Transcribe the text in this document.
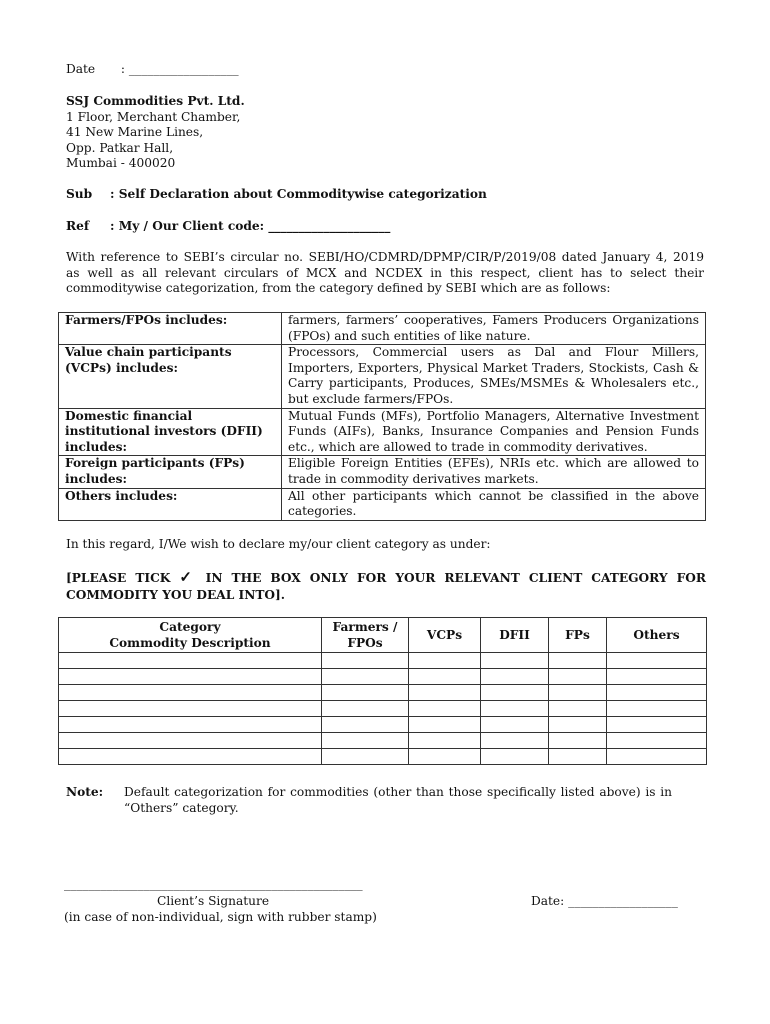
Date : __________________
SSJ Commodities Pvt. Ltd.
1 Floor, Merchant Chamber,
41 New Marine Lines,
Opp. Patkar Hall,
Mumbai - 400020
Sub : Self Declaration about Commoditywise categorization
Ref : My / Our Client code: ____________________
With reference to SEBI’s circular no. SEBI/HO/CDMRD/DPMP/CIR/P/2019/08 dated January 4, 2019 as well as all relevant circulars of MCX and NCDEX in this respect, client has to select their commoditywise categorization, from the category defined by SEBI which are as follows:
Farmers/FPOs includes:	farmers, farmers’ cooperatives, Famers Producers Organizations (FPOs) and such entities of like nature.
Value chain participants (VCPs) includes:	Processors, Commercial users as Dal and Flour Millers, Importers, Exporters, Physical Market Traders, Stockists, Cash & Carry participants, Produces, SMEs/MSMEs & Wholesalers etc., but exclude farmers/FPOs.
Domestic financial institutional investors (DFII) includes:	Mutual Funds (MFs), Portfolio Managers, Alternative Investment Funds (AIFs), Banks, Insurance Companies and Pension Funds etc., which are allowed to trade in commodity derivatives.
Foreign participants (FPs) includes:	Eligible Foreign Entities (EFEs), NRIs etc. which are allowed to trade in commodity derivatives markets.
Others includes:	All other participants which cannot be classified in the above categories.
In this regard, I/We wish to declare my/our client category as under:
[PLEASE TICK ✓ IN THE BOX ONLY FOR YOUR RELEVANT CLIENT CATEGORY FOR COMMODITY YOU DEAL INTO].
Category
Commodity Description	Farmers / FPOs	VCPs	DFII	FPs	Others

Note: Default categorization for commodities (other than those specifically listed above) is in “Others” category.
_________________________________________________
Client’s Signature
(in case of non-individual, sign with rubber stamp)
Date: __________________
